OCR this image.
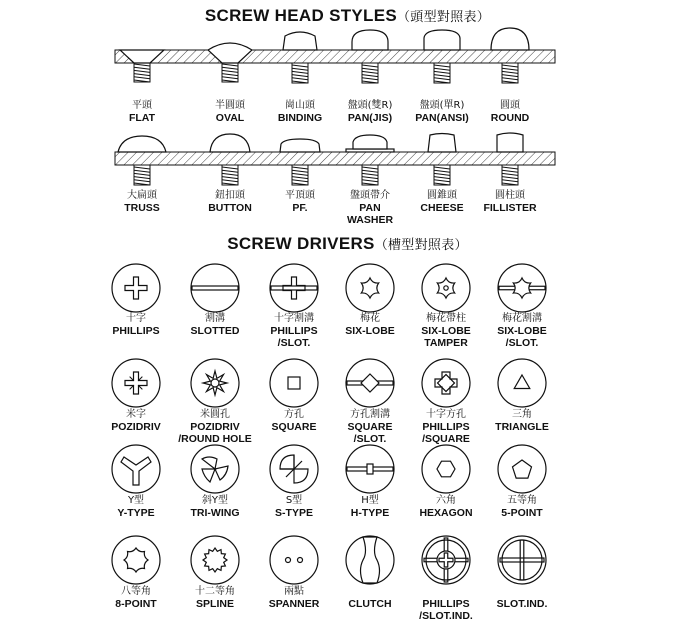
SCREW HEAD STYLES（頭型對照表）
SCREW DRIVERS（槽型對照表）
平頭
FLAT
半圓頭
OVAL
崗山頭
BINDING
盤頭(雙R)
PAN(JIS)
盤頭(單R)
PAN(ANSI)
圓頭
ROUND
大扁頭
TRUSS
鈕扣頭
BUTTON
平頂頭
PF.
盤頭帶介
PAN
WASHER
圓錐頭
CHEESE
圓柱頭
FILLISTER
十字
PHILLIPS
割溝
SLOTTED
十字割溝
PHILLIPS
/SLOT.
梅花
SIX-LOBE
梅花帶柱
SIX-LOBE
TAMPER
梅花割溝
SIX-LOBE
/SLOT.
米字
POZIDRIV
米圓孔
POZIDRIV
/ROUND HOLE
方孔
SQUARE
方孔割溝
SQUARE
/SLOT.
十字方孔
PHILLIPS
/SQUARE
三角
TRIANGLE
Y型
Y-TYPE
斜Y型
TRI-WING
S型
S-TYPE
H型
H-TYPE
六角
HEXAGON
五等角
5-POINT
八等角
8-POINT
十二等角
SPLINE
兩點
SPANNER
	CLUTCH
	PHILLIPS
/SLOT.IND.

SLOT.IND.
